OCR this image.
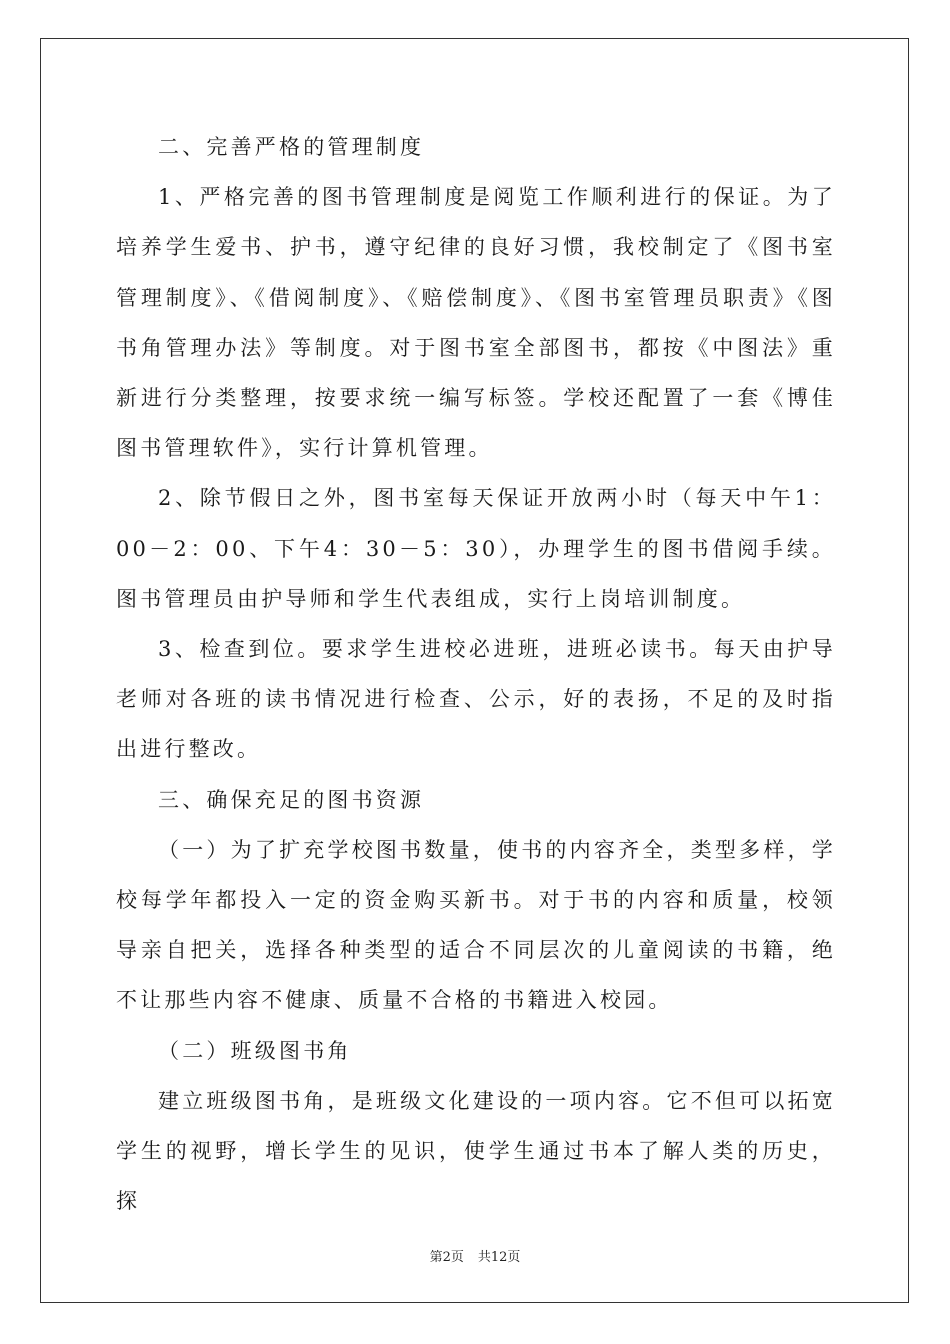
二、完善严格的管理制度

1、严格完善的图书管理制度是阅览工作顺利进行的保证。为了培养学生爱书、护书，遵守纪律的良好习惯，我校制定了《图书室管理制度》、《借阅制度》、《赔偿制度》、《图书室管理员职责》《图书角管理办法》等制度。对于图书室全部图书，都按《中图法》重新进行分类整理，按要求统一编写标签。学校还配置了一套《博佳图书管理软件》，实行计算机管理。

2、除节假日之外，图书室每天保证开放两小时（每天中午1：00－2：00、下午4：30－5：30），办理学生的图书借阅手续。图书管理员由护导师和学生代表组成，实行上岗培训制度。

3、检查到位。要求学生进校必进班，进班必读书。每天由护导老师对各班的读书情况进行检查、公示，好的表扬，不足的及时指出进行整改。

三、确保充足的图书资源

（一）为了扩充学校图书数量，使书的内容齐全，类型多样，学校每学年都投入一定的资金购买新书。对于书的内容和质量，校领导亲自把关，选择各种类型的适合不同层次的儿童阅读的书籍，绝不让那些内容不健康、质量不合格的书籍进入校园。

（二）班级图书角

建立班级图书角，是班级文化建设的一项内容。它不但可以拓宽学生的视野，增长学生的见识，使学生通过书本了解人类的历史，探

第2页 共12页
